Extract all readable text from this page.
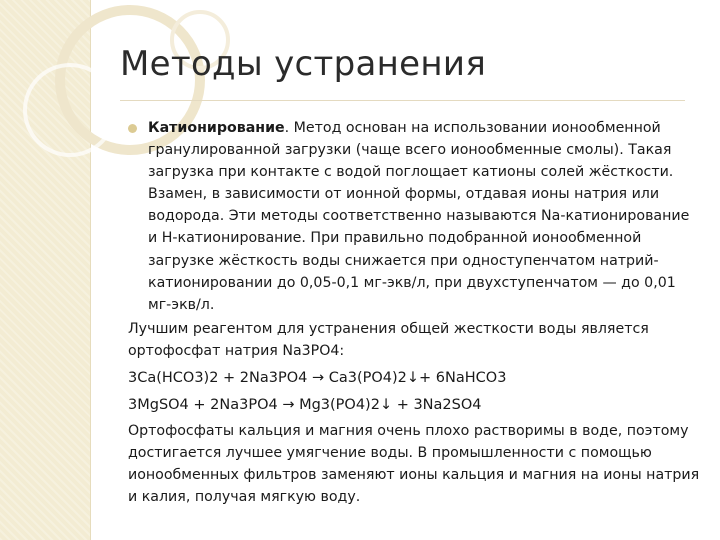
Методы устранения
Катионирование. Метод основан на использовании ионообменной гранулированной загрузки (чаще всего ионообменные смолы). Такая загрузка при контакте с водой поглощает катионы солей жёсткости. Взамен, в зависимости от ионной формы, отдавая ионы натрия или водорода. Эти методы соответственно называются Na-катионирование и Н-катионирование. При правильно подобранной ионообменной загрузке жёсткость воды снижается при одноступенчатом натрий-катионировании до 0,05-0,1 мг-экв/л, при двухступенчатом — до 0,01 мг-экв/л.
Лучшим реагентом для устранения общей жесткости воды является ортофосфат натрия Na3PO4:
3Ca(HCO3)2 + 2Na3PO4 → Ca3(PO4)2↓+ 6NaHCO3
3MgSO4 + 2Na3PO4 → Mg3(PO4)2↓ + 3Na2SO4
Ортофосфаты кальция и магния очень плохо растворимы в воде, поэтому достигается лучшее умягчение воды. В промышленности с помощью ионообменных фильтров заменяют ионы кальция и магния на ионы натрия и калия, получая мягкую воду.
